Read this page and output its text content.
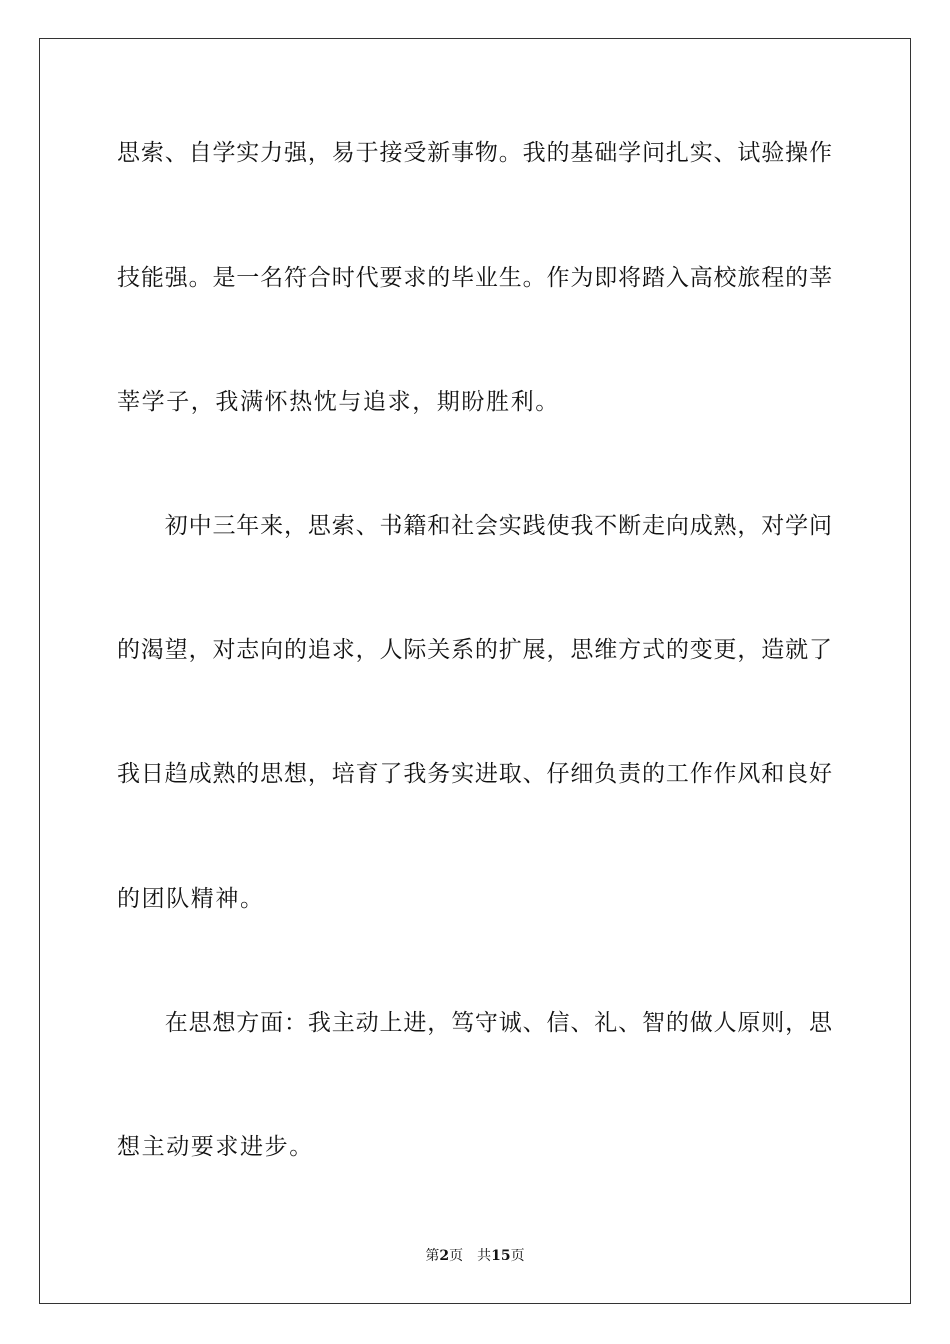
思索、自学实力强，易于接受新事物。我的基础学问扎实、试验操作
技能强。是一名符合时代要求的毕业生。作为即将踏入高校旅程的莘
莘学子，我满怀热忱与追求，期盼胜利。
　　初中三年来，思索、书籍和社会实践使我不断走向成熟，对学问
的渴望，对志向的追求，人际关系的扩展，思维方式的变更，造就了
我日趋成熟的思想，培育了我务实进取、仔细负责的工作作风和良好
的团队精神。
　　在思想方面：我主动上进，笃守诚、信、礼、智的做人原则，思
想主动要求进步。
第2页 共15页
